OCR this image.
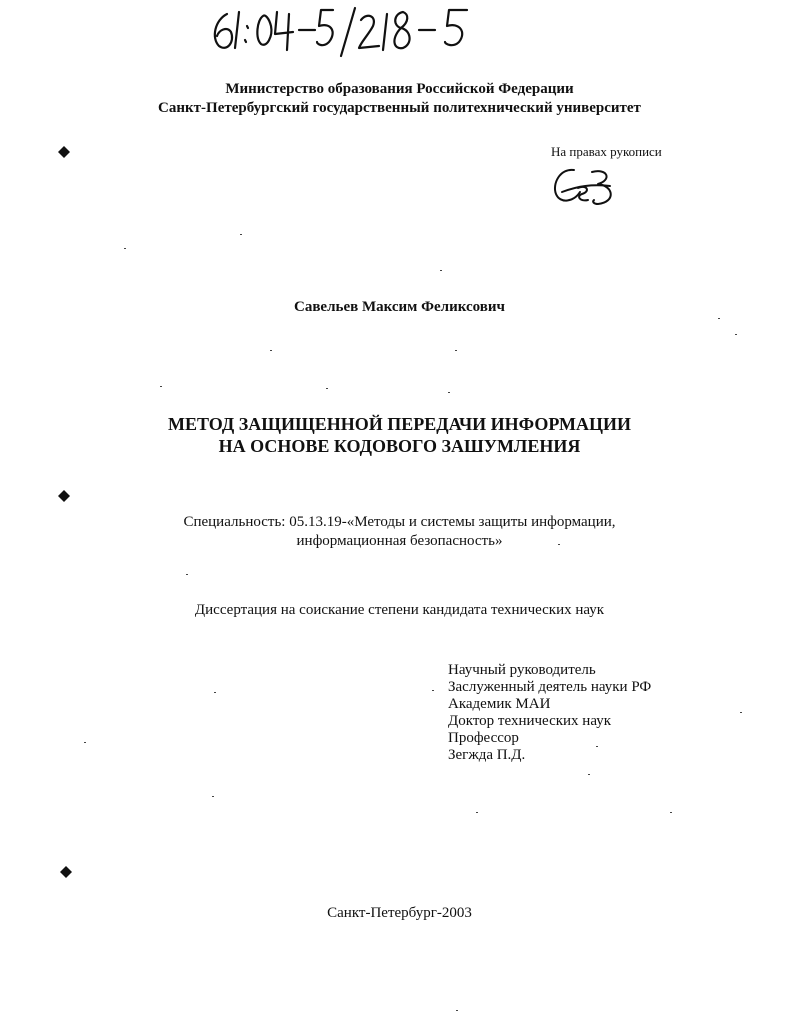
Министерство образования Российской Федерации
Санкт-Петербургский государственный политехнический университет
На правах рукописи
Савельев Максим Феликсович
МЕТОД ЗАЩИЩЕННОЙ ПЕРЕДАЧИ ИНФОРМАЦИИ
НА ОСНОВЕ КОДОВОГО ЗАШУМЛЕНИЯ
Специальность: 05.13.19-«Методы и системы защиты информации,
информационная безопасность»
Диссертация на соискание степени кандидата технических наук
Научный руководитель
Заслуженный деятель науки РФ
Академик МАИ
Доктор технических наук
Профессор
Зегжда П.Д.
Санкт-Петербург-2003
